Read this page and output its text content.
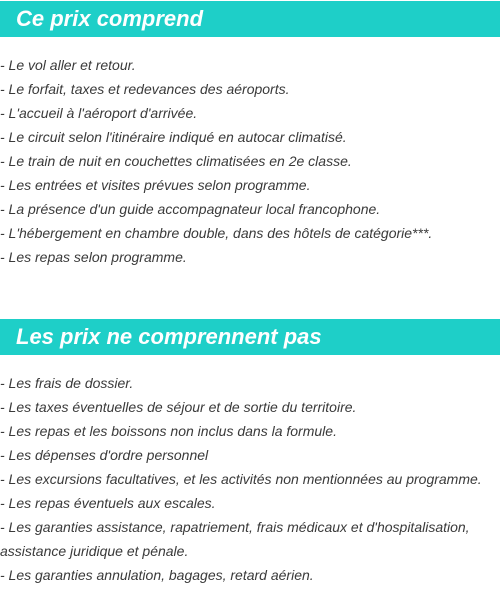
Ce prix comprend
- Le vol aller et retour.
- Le forfait, taxes et redevances des aéroports.
- L'accueil à l'aéroport d'arrivée.
- Le circuit selon l'itinéraire indiqué en autocar climatisé.
- Le train de nuit en couchettes climatisées en 2e classe.
- Les entrées et visites prévues selon programme.
- La présence d'un guide accompagnateur local francophone.
- L'hébergement en chambre double, dans des hôtels de catégorie***.
- Les repas selon programme.
Les prix ne comprennent pas
- Les frais de dossier.
- Les taxes éventuelles de séjour et de sortie du territoire.
- Les repas et les boissons non inclus dans la formule.
- Les dépenses d'ordre personnel
- Les excursions facultatives, et les activités non mentionnées au programme.
- Les repas éventuels aux escales.
- Les garanties assistance, rapatriement, frais médicaux et d'hospitalisation,
assistance juridique et pénale.
- Les garanties annulation, bagages, retard aérien.
